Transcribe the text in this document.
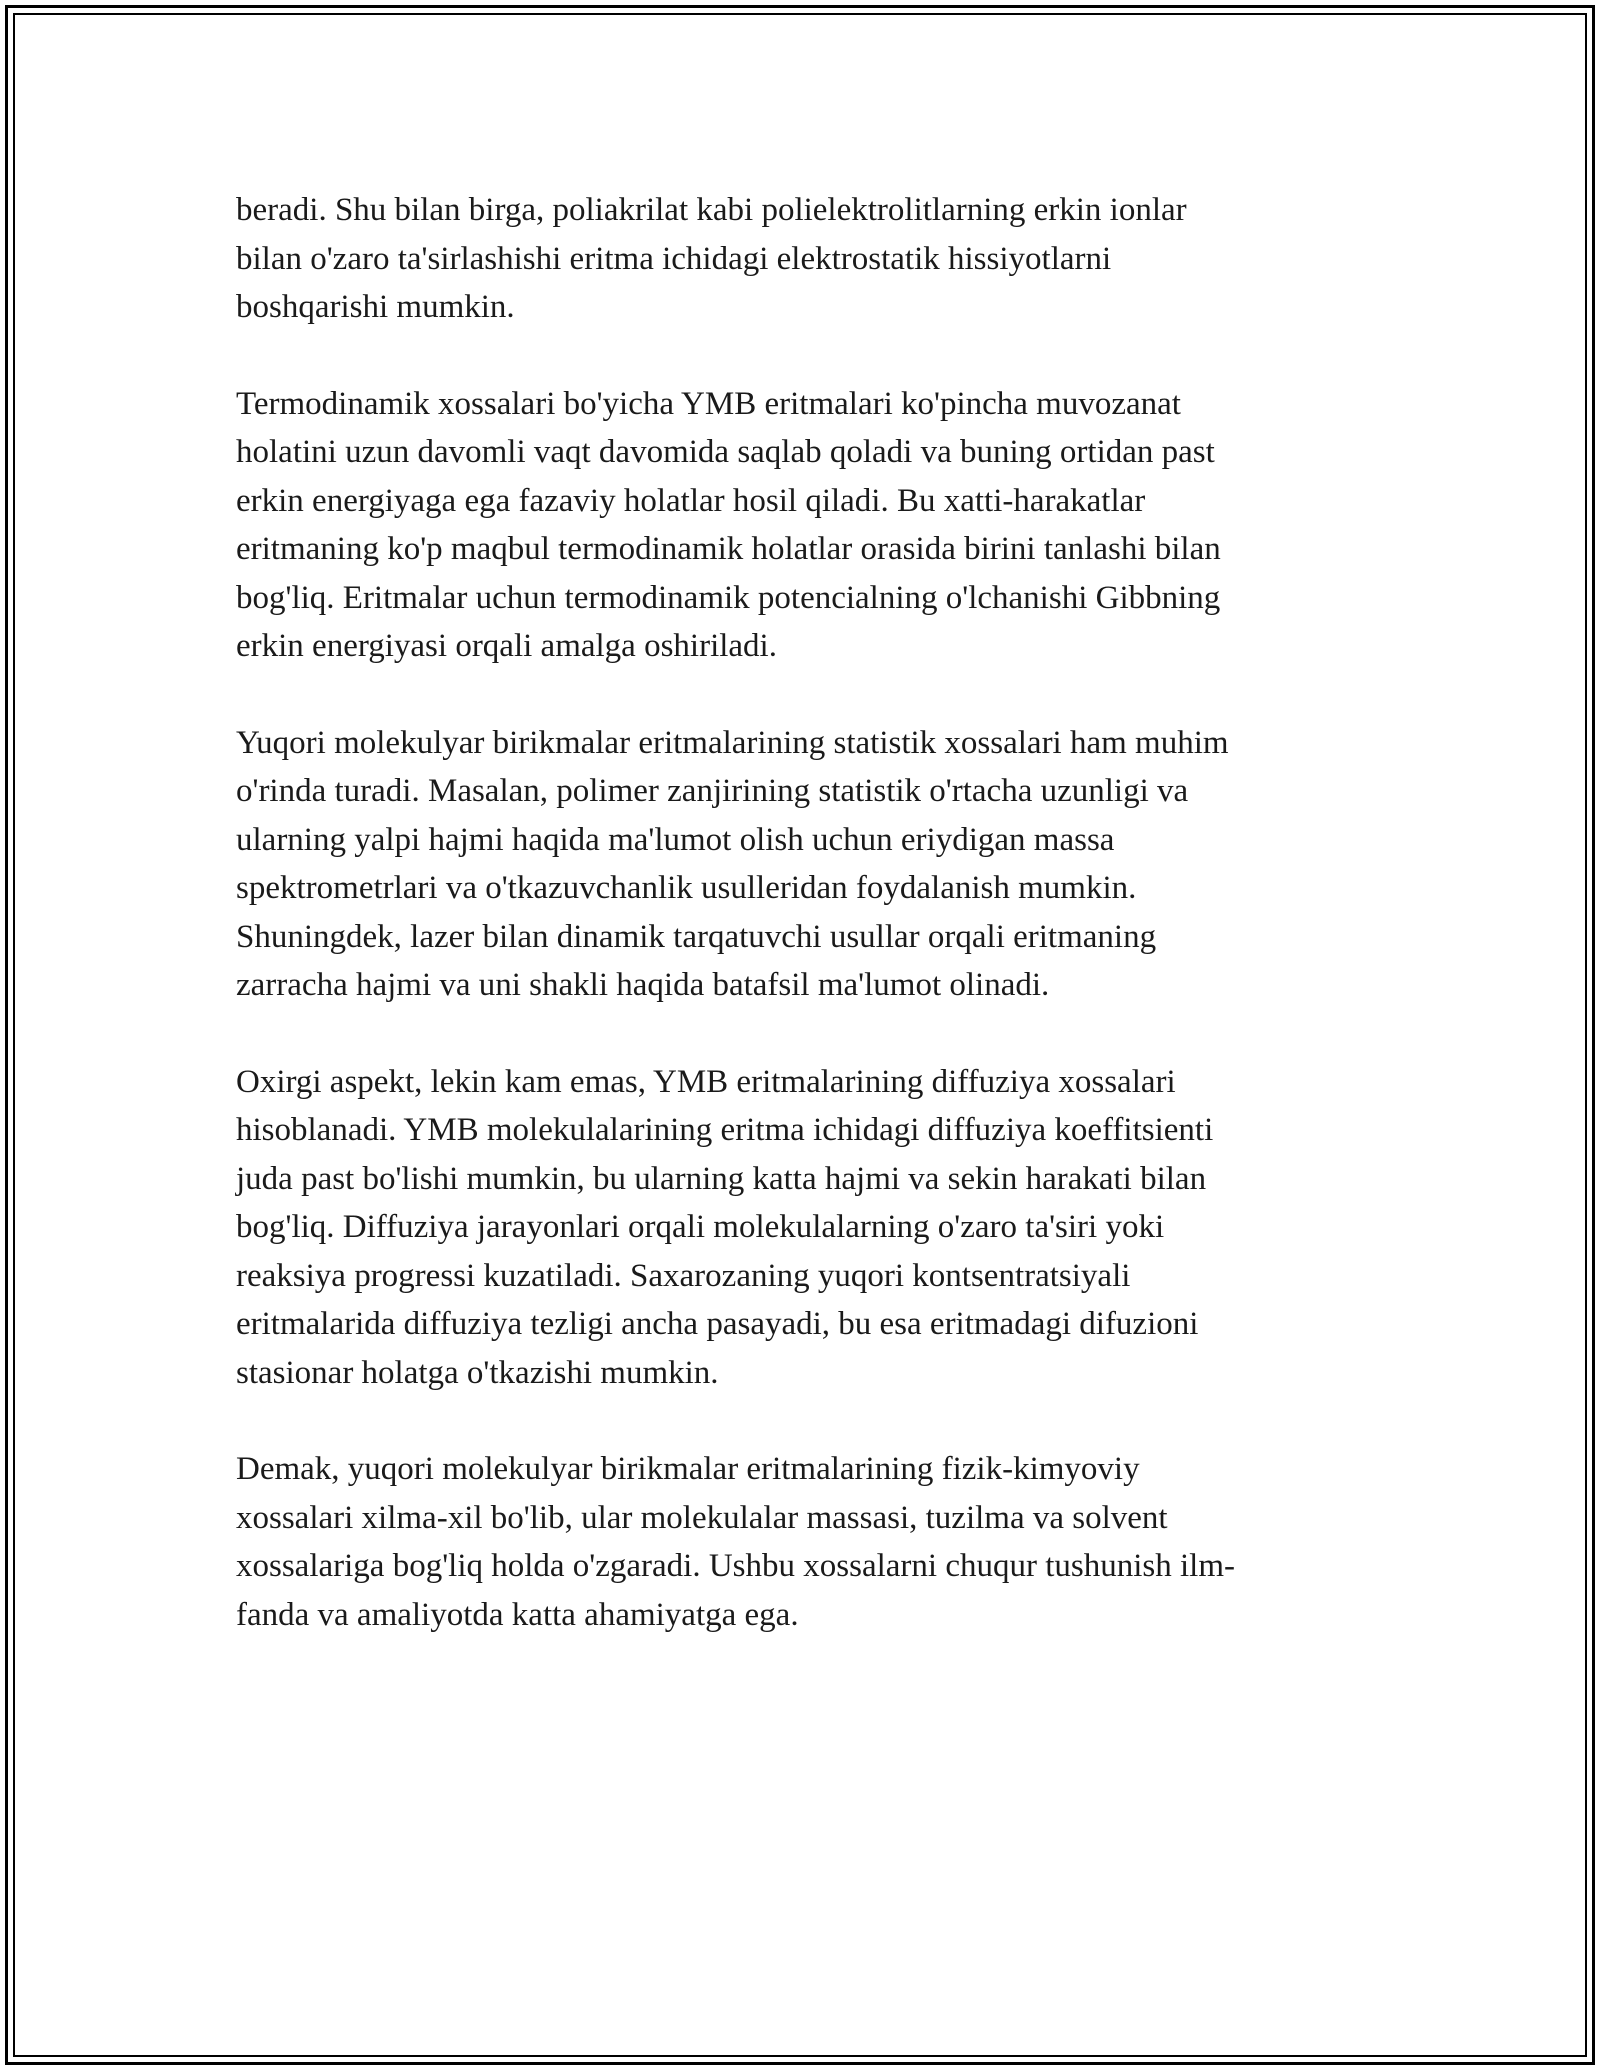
beradi. Shu bilan birga, poliakrilat kabi polielektrolitlarning erkin ionlar
bilan o'zaro ta'sirlashishi eritma ichidagi elektrostatik hissiyotlarni
boshqarishi mumkin.

Termodinamik xossalari bo'yicha YMB eritmalari ko'pincha muvozanat
holatini uzun davomli vaqt davomida saqlab qoladi va buning ortidan past
erkin energiyaga ega fazaviy holatlar hosil qiladi. Bu xatti-harakatlar
eritmaning ko'p maqbul termodinamik holatlar orasida birini tanlashi bilan
bog'liq. Eritmalar uchun termodinamik potencialning o'lchanishi Gibbning
erkin energiyasi orqali amalga oshiriladi.

Yuqori molekulyar birikmalar eritmalarining statistik xossalari ham muhim
o'rinda turadi. Masalan, polimer zanjirining statistik o'rtacha uzunligi va
ularning yalpi hajmi haqida ma'lumot olish uchun eriydigan massa
spektrometrlari va o'tkazuvchanlik usulleridan foydalanish mumkin.
Shuningdek, lazer bilan dinamik tarqatuvchi usullar orqali eritmaning
zarracha hajmi va uni shakli haqida batafsil ma'lumot olinadi.

Oxirgi aspekt, lekin kam emas, YMB eritmalarining diffuziya xossalari
hisoblanadi. YMB molekulalarining eritma ichidagi diffuziya koeffitsienti
juda past bo'lishi mumkin, bu ularning katta hajmi va sekin harakati bilan
bog'liq. Diffuziya jarayonlari orqali molekulalarning o'zaro ta'siri yoki
reaksiya progressi kuzatiladi. Saxarozaning yuqori kontsentratsiyali
eritmalarida diffuziya tezligi ancha pasayadi, bu esa eritmadagi difuzioni
stasionar holatga o'tkazishi mumkin.

Demak, yuqori molekulyar birikmalar eritmalarining fizik-kimyoviy
xossalari xilma-xil bo'lib, ular molekulalar massasi, tuzilma va solvent
xossalariga bog'liq holda o'zgaradi. Ushbu xossalarni chuqur tushunish ilm-
fanda va amaliyotda katta ahamiyatga ega.
